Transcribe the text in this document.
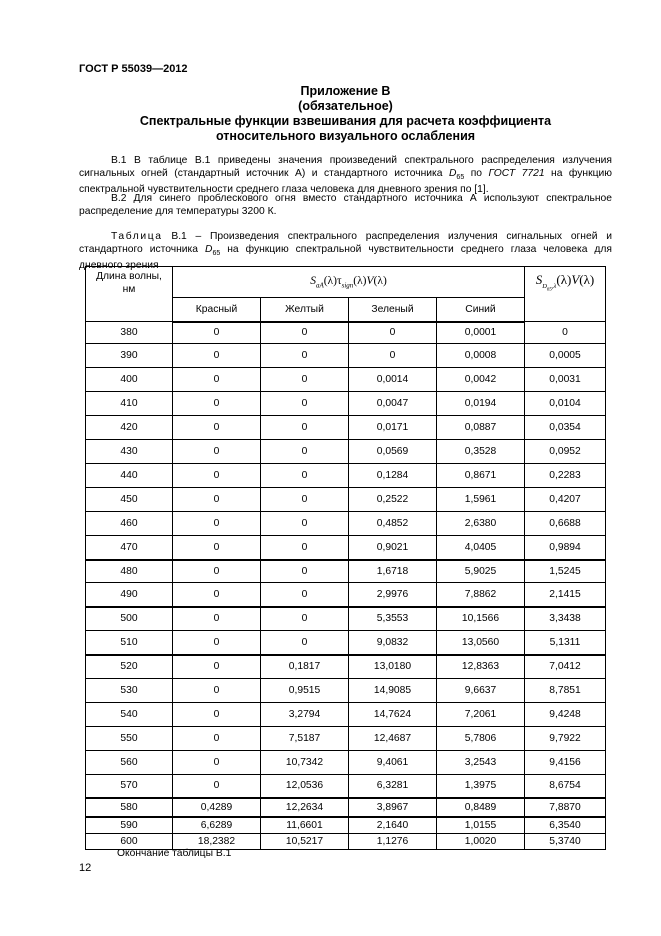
ГОСТ Р 55039—2012
Приложение В
(обязательное)
Спектральные функции взвешивания для расчета коэффициента
относительного визуального ослабления
В.1 В таблице В.1 приведены значения произведений спектрального распределения излучения сигнальных огней (стандартный источник А) и стандартного источника $D_{65}$ по ГОСТ 7721 на функцию спектральной чувствительности среднего глаза человека для дневного зрения по [1].
В.2 Для синего проблескового огня вместо стандартного источника А используют спектральное распределение для температуры 3200 К.
Таблица В.1 – Произведения спектрального распределения излучения сигнальных огней и стандартного источника $D_{65}$ на функцию спектральной чувствительности среднего глаза человека для дневного зрения
Длина волны,
нм	$S_{aA}(\lambda)\tau_{sign}(\lambda)V(\lambda)$				$S_{D_{65},\lambda}(\lambda)V(\lambda)$
	Красный	Желтый	Зеленый	Синий	
380	0	0	0	0,0001	0
390	0	0	0	0,0008	0,0005
400	0	0	0,0014	0,0042	0,0031
410	0	0	0,0047	0,0194	0,0104
420	0	0	0,0171	0,0887	0,0354
430	0	0	0,0569	0,3528	0,0952
440	0	0	0,1284	0,8671	0,2283
450	0	0	0,2522	1,5961	0,4207
460	0	0	0,4852	2,6380	0,6688
470	0	0	0,9021	4,0405	0,9894
480	0	0	1,6718	5,9025	1,5245
490	0	0	2,9976	7,8862	2,1415
500	0	0	5,3553	10,1566	3,3438
510	0	0	9,0832	13,0560	5,1311
520	0	0,1817	13,0180	12,8363	7,0412
530	0	0,9515	14,9085	9,6637	8,7851
540	0	3,2794	14,7624	7,2061	9,4248
550	0	7,5187	12,4687	5,7806	9,7922
560	0	10,7342	9,4061	3,2543	9,4156
570	0	12,0536	6,3281	1,3975	8,6754
580	0,4289	12,2634	3,8967	0,8489	7,8870
590	6,6289	11,6601	2,1640	1,0155	6,3540
600	18,2382	10,5217	1,1276	1,0020	5,3740
Окончание таблицы В.1
12
